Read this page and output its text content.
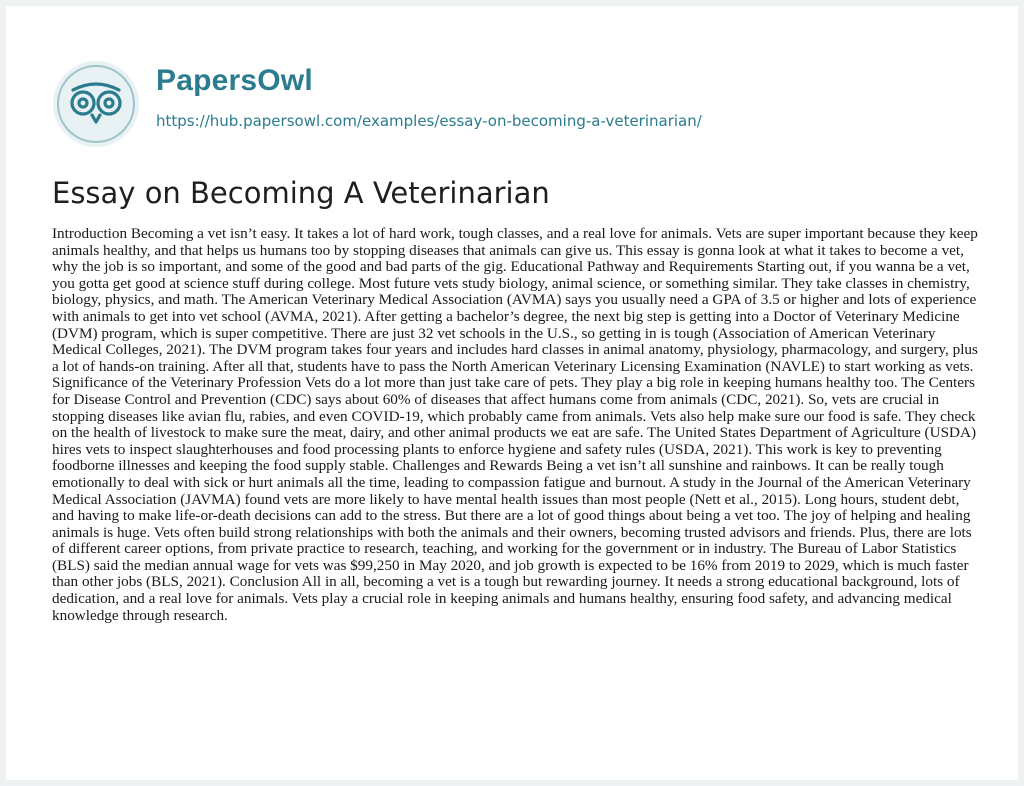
PapersOwl
https://hub.papersowl.com/examples/essay-on-becoming-a-veterinarian/
Essay on Becoming A Veterinarian

Introduction Becoming a vet isn’t easy. It takes a lot of hard work, tough classes, and a real love for animals. Vets are super important because they keep animals healthy, and that helps us humans too by stopping diseases that animals can give us. This essay is gonna look at what it takes to become a vet, why the job is so important, and some of the good and bad parts of the gig. Educational Pathway and Requirements Starting out, if you wanna be a vet, you gotta get good at science stuff during college. Most future vets study biology, animal science, or something similar. They take classes in chemistry, biology, physics, and math. The American Veterinary Medical Association (AVMA) says you usually need a GPA of 3.5 or higher and lots of experience with animals to get into vet school (AVMA, 2021). After getting a bachelor’s degree, the next big step is getting into a Doctor of Veterinary Medicine (DVM) program, which is super competitive. There are just 32 vet schools in the U.S., so getting in is tough (Association of American Veterinary Medical Colleges, 2021). The DVM program takes four years and includes hard classes in animal anatomy, physiology, pharmacology, and surgery, plus a lot of hands-on training. After all that, students have to pass the North American Veterinary Licensing Examination (NAVLE) to start working as vets. Significance of the Veterinary Profession Vets do a lot more than just take care of pets. They play a big role in keeping humans healthy too. The Centers for Disease Control and Prevention (CDC) says about 60% of diseases that affect humans come from animals (CDC, 2021). So, vets are crucial in stopping diseases like avian flu, rabies, and even COVID-19, which probably came from animals. Vets also help make sure our food is safe. They check on the health of livestock to make sure the meat, dairy, and other animal products we eat are safe. The United States Department of Agriculture (USDA) hires vets to inspect slaughterhouses and food processing plants to enforce hygiene and safety rules (USDA, 2021). This work is key to preventing foodborne illnesses and keeping the food supply stable. Challenges and Rewards Being a vet isn’t all sunshine and rainbows. It can be really tough emotionally to deal with sick or hurt animals all the time, leading to compassion fatigue and burnout. A study in the Journal of the American Veterinary Medical Association (JAVMA) found vets are more likely to have mental health issues than most people (Nett et al., 2015). Long hours, student debt, and having to make life-or-death decisions can add to the stress. But there are a lot of good things about being a vet too. The joy of helping and healing animals is huge. Vets often build strong relationships with both the animals and their owners, becoming trusted advisors and friends. Plus, there are lots of different career options, from private practice to research, teaching, and working for the government or in industry. The Bureau of Labor Statistics (BLS) said the median annual wage for vets was $99,250 in May 2020, and job growth is expected to be 16% from 2019 to 2029, which is much faster than other jobs (BLS, 2021). Conclusion All in all, becoming a vet is a tough but rewarding journey. It needs a strong educational background, lots of dedication, and a real love for animals. Vets play a crucial role in keeping animals and humans healthy, ensuring food safety, and advancing medical knowledge through research.
